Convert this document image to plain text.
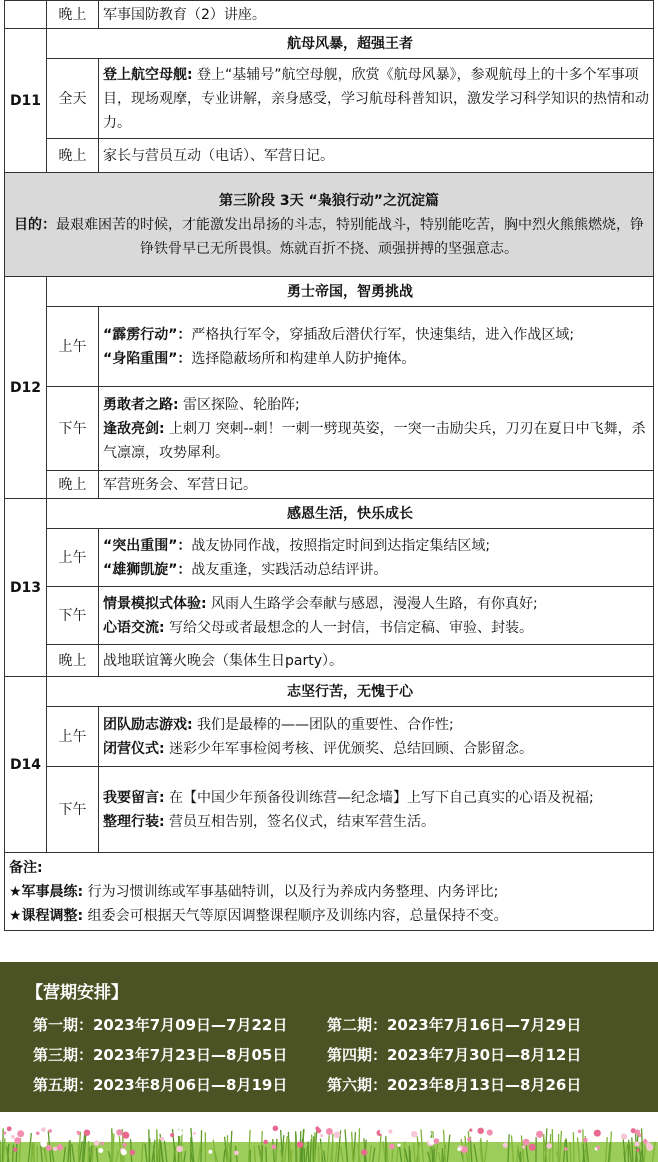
	晚上	军事国防教育（2）讲座。
D11	航母风暴，超强王者	
	全天	登上航空母舰: 登上“基辅号”航空母舰，欣赏《航母风暴》，参观航母上的十多个军事项目，现场观摩，专业讲解，亲身感受，学习航母科普知识，激发学习科学知识的热情和动力。
	晚上	家长与营员互动（电话）、军营日记。

第三阶段 3天 “枭狼行动”之沉淀篇
目的：最艰难困苦的时候，才能激发出昂扬的斗志，特别能战斗，特别能吃苦，胸中烈火熊熊燃烧，铮铮铁骨早已无所畏惧。炼就百折不挠、顽强拼搏的坚强意志。		

D12	勇士帝国，智勇挑战	
	上午	“霹雳行动”：严格执行军令，穿插敌后潜伏行军，快速集结，进入作战区域;
“身陷重围”：选择隐蔽场所和构建单人防护掩体。
	下午	勇敢者之路: 雷区探险、轮胎阵;
逢敌亮剑: 上刺刀 突刺--刺！一刺一劈现英姿，一突一击励尖兵，刀刃在夏日中飞舞，杀气凛凛，攻势犀利。
	晚上	军营班务会、军营日记。
D13	感恩生活，快乐成长	
	上午	“突出重围”：战友协同作战，按照指定时间到达指定集结区域;
“雄狮凯旋”：战友重逢，实践活动总结评讲。
	下午	情景模拟式体验: 风雨人生路学会奉献与感恩，漫漫人生路，有你真好;
心语交流: 写给父母或者最想念的人一封信，书信定稿、审验、封装。
	晚上	战地联谊篝火晚会（集体生日party）。
D14	志坚行苦，无愧于心	
	上午	团队励志游戏: 我们是最棒的——团队的重要性、合作性;
闭营仪式: 迷彩少年军事检阅考核、评优颁奖、总结回顾、合影留念。
	下午	我要留言: 在【中国少年预备役训练营—纪念墙】上写下自己真实的心语及祝福;
整理行装: 营员互相告别，签名仪式，结束军营生活。

备注:
★军事晨练: 行为习惯训练或军事基础特训，以及行为养成内务整理、内务评比;
★课程调整: 组委会可根据天气等原因调整课程顺序及训练内容，总量保持不变。		
【营期安排】
第一期：2023年7月09日—7月22日	第二期：2023年7月16日—7月29日
第三期：2023年7月23日—8月05日	第四期：2023年7月30日—8月12日
第五期：2023年8月06日—8月19日	第六期：2023年8月13日—8月26日
